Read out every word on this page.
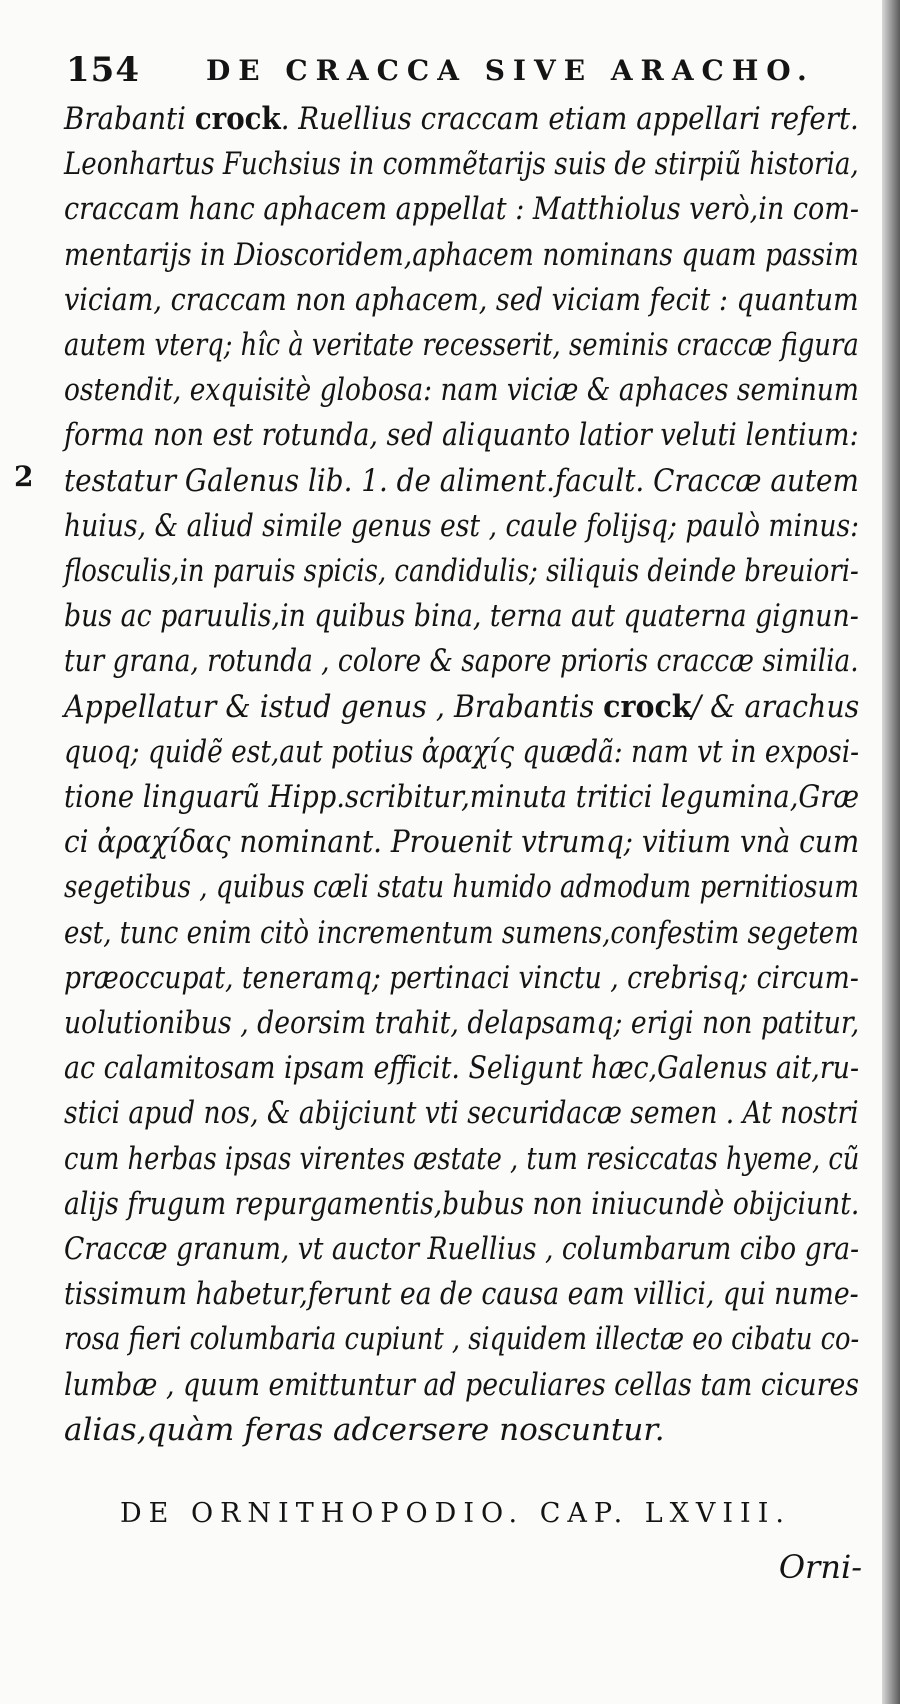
154 DE CRACCA SIVE ARACHO.
2
Brabanti crock. Ruellius craccam etiam appellari refert.
Leonhartus Fuchsius in commẽtarijs suis de stirpiũ historia,
craccam hanc aphacem appellat : Matthiolus verò,in com-
mentarijs in Dioscoridem,aphacem nominans quam passim
viciam, craccam non aphacem, sed viciam fecit : quantum
autem vterq; hîc à veritate recesserit, seminis craccæ figura
ostendit, exquisitè globosa: nam viciæ & aphaces seminum
forma non est rotunda, sed aliquanto latior veluti lentium:
testatur Galenus lib. 1. de aliment.facult. Craccæ autem
huius, & aliud simile genus est , caule folijsq; paulò minus:
flosculis,in paruis spicis, candidulis; siliquis deinde breuiori-
bus ac paruulis,in quibus bina, terna aut quaterna gignun-
tur grana, rotunda , colore & sapore prioris craccæ similia.
Appellatur & istud genus , Brabantis crock/ & arachus
quoq; quidẽ est,aut potius ἀραχίς quædã: nam vt in exposi-
tione linguarũ Hipp.scribitur,minuta tritici legumina,Græ
ci ἀραχίδας nominant. Prouenit vtrumq; vitium vnà cum
segetibus , quibus cæli statu humido admodum pernitiosum
est, tunc enim citò incrementum sumens,confestim segetem
præoccupat, teneramq; pertinaci vinctu , crebrisq; circum-
uolutionibus , deorsim trahit, delapsamq; erigi non patitur,
ac calamitosam ipsam efficit. Seligunt hæc,Galenus ait,ru-
stici apud nos, & abijciunt vti securidacæ semen . At nostri
cum herbas ipsas virentes æstate , tum resiccatas hyeme, cũ
alijs frugum repurgamentis,bubus non iniucundè obijciunt.
Craccæ granum, vt auctor Ruellius , columbarum cibo gra-
tissimum habetur,ferunt ea de causa eam villici, qui nume-
rosa fieri columbaria cupiunt , siquidem illectæ eo cibatu co-
lumbæ , quum emittuntur ad peculiares cellas tam cicures
alias,quàm feras adcersere noscuntur.
DE ORNITHOPODIO. CAP. LXVIII.
Orni-
